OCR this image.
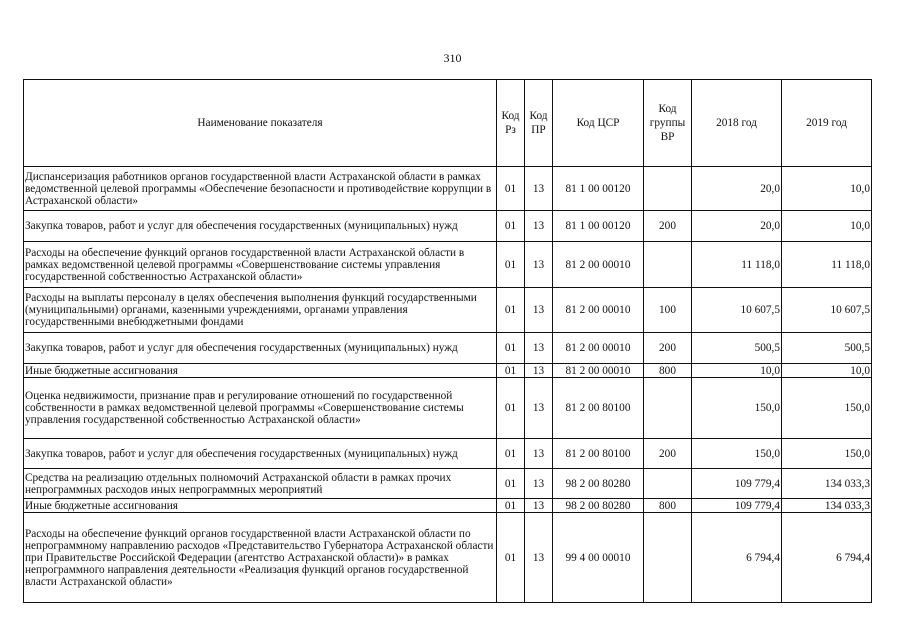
310
Наименование показателя	Код Рз	Код ПР	Код ЦСР	Код группы ВР	2018 год	2019 год
Диспансеризация работников органов государственной власти Астраханской области в рамках ведомственной целевой программы «Обеспечение безопасности и противодействие коррупции в Астраханской области»	01	13	81 1 00 00120		20,0	10,0
Закупка товаров, работ и услуг для обеспечения государственных (муниципальных) нужд	01	13	81 1 00 00120	200	20,0	10,0
Расходы на обеспечение функций органов государственной власти Астраханской области в рамках ведомственной целевой программы «Совершенствование системы управления государственной собственностью Астраханской области»	01	13	81 2 00 00010		11 118,0	11 118,0
Расходы на выплаты персоналу в целях обеспечения выполнения функций государственными (муниципальными) органами, казенными учреждениями, органами управления государственными внебюджетными фондами	01	13	81 2 00 00010	100	10 607,5	10 607,5
Закупка товаров, работ и услуг для обеспечения государственных (муниципальных) нужд	01	13	81 2 00 00010	200	500,5	500,5
Иные бюджетные ассигнования	01	13	81 2 00 00010	800	10,0	10,0
Оценка недвижимости, признание прав и регулирование отношений по государственной собственности в рамках ведомственной целевой программы «Совершенствование системы управления государственной собственностью Астраханской области»	01	13	81 2 00 80100		150,0	150,0
Закупка товаров, работ и услуг для обеспечения государственных (муниципальных) нужд	01	13	81 2 00 80100	200	150,0	150,0
Средства на реализацию отдельных полномочий Астраханской области в рамках прочих непрограммных расходов иных непрограммных мероприятий	01	13	98 2 00 80280		109 779,4	134 033,3
Иные бюджетные ассигнования	01	13	98 2 00 80280	800	109 779,4	134 033,3
Расходы на обеспечение функций органов государственной власти Астраханской области по непрограммному направлению расходов «Представительство Губернатора Астраханской области при Правительстве Российской Федерации (агентство Астраханской области)» в рамках непрограммного направления деятельности «Реализация функций органов государственной власти Астраханской области»	01	13	99 4 00 00010		6 794,4	6 794,4
